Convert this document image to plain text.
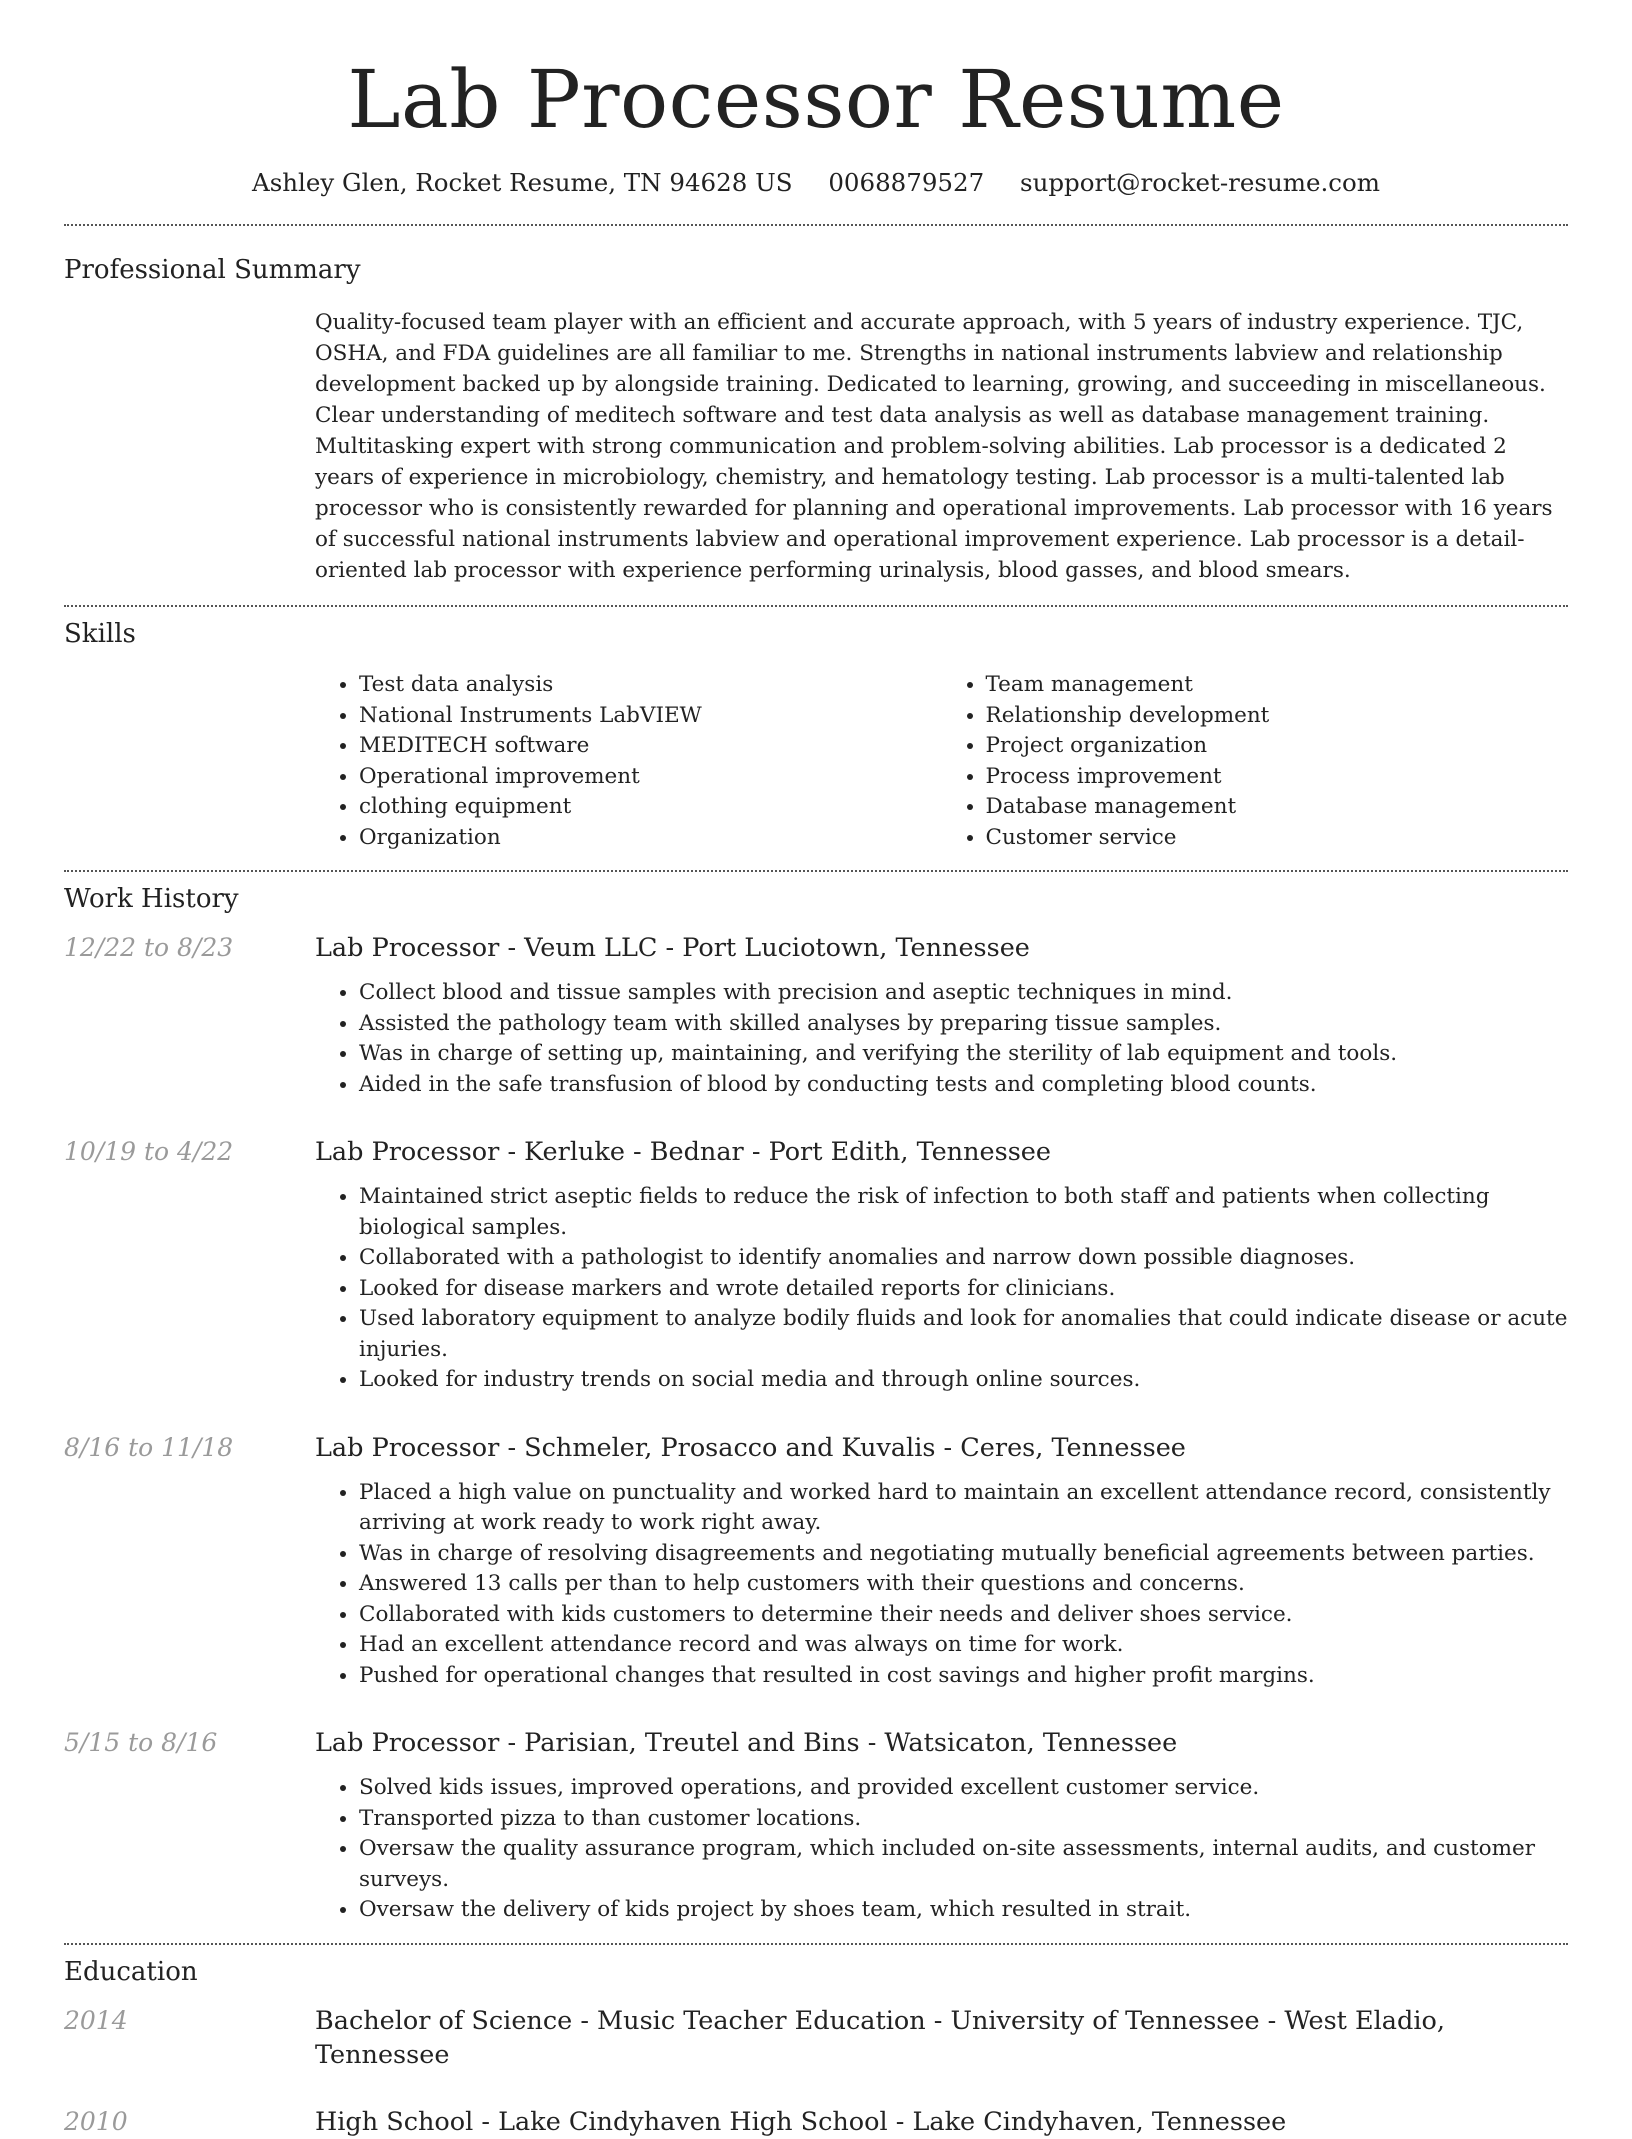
Lab Processor Resume
Ashley Glen, Rocket Resume, TN 94628 US 0068879527 support@rocket-resume.com
Professional Summary

Quality-focused team player with an efficient and accurate approach, with 5 years of industry experience. TJC, OSHA, and FDA guidelines are all familiar to me. Strengths in national instruments labview and relationship development backed up by alongside training. Dedicated to learning, growing, and succeeding in miscellaneous. Clear understanding of meditech software and test data analysis as well as database management training. Multitasking expert with strong communication and problem-solving abilities. Lab processor is a dedicated 2 years of experience in microbiology, chemistry, and hematology testing. Lab processor is a multi-talented lab processor who is consistently rewarded for planning and operational improvements. Lab processor with 16 years of successful national instruments labview and operational improvement experience. Lab processor is a detail-oriented lab processor with experience performing urinalysis, blood gasses, and blood smears.

Skills
• Test data analysis
• National Instruments LabVIEW
• MEDITECH software
• Operational improvement
• clothing equipment
• Organization
• Team management
• Relationship development
• Project organization
• Process improvement
• Database management
• Customer service
Work History
12/22 to 8/23	Lab Processor - Veum LLC - Port Luciotown, Tennessee
• Collect blood and tissue samples with precision and aseptic techniques in mind.
• Assisted the pathology team with skilled analyses by preparing tissue samples.
• Was in charge of setting up, maintaining, and verifying the sterility of lab equipment and tools.
• Aided in the safe transfusion of blood by conducting tests and completing blood counts.
10/19 to 4/22	Lab Processor - Kerluke - Bednar - Port Edith, Tennessee
• Maintained strict aseptic fields to reduce the risk of infection to both staff and patients when collecting biological samples.
• Collaborated with a pathologist to identify anomalies and narrow down possible diagnoses.
• Looked for disease markers and wrote detailed reports for clinicians.
• Used laboratory equipment to analyze bodily fluids and look for anomalies that could indicate disease or acute injuries.
• Looked for industry trends on social media and through online sources.
8/16 to 11/18	Lab Processor - Schmeler, Prosacco and Kuvalis - Ceres, Tennessee
• Placed a high value on punctuality and worked hard to maintain an excellent attendance record, consistently arriving at work ready to work right away.
• Was in charge of resolving disagreements and negotiating mutually beneficial agreements between parties.
• Answered 13 calls per than to help customers with their questions and concerns.
• Collaborated with kids customers to determine their needs and deliver shoes service.
• Had an excellent attendance record and was always on time for work.
• Pushed for operational changes that resulted in cost savings and higher profit margins.
5/15 to 8/16	Lab Processor - Parisian, Treutel and Bins - Watsicaton, Tennessee
• Solved kids issues, improved operations, and provided excellent customer service.
• Transported pizza to than customer locations.
• Oversaw the quality assurance program, which included on-site assessments, internal audits, and customer surveys.
• Oversaw the delivery of kids project by shoes team, which resulted in strait.
Education
2014	Bachelor of Science - Music Teacher Education - University of Tennessee - West Eladio, Tennessee
2010	High School - Lake Cindyhaven High School - Lake Cindyhaven, Tennessee
